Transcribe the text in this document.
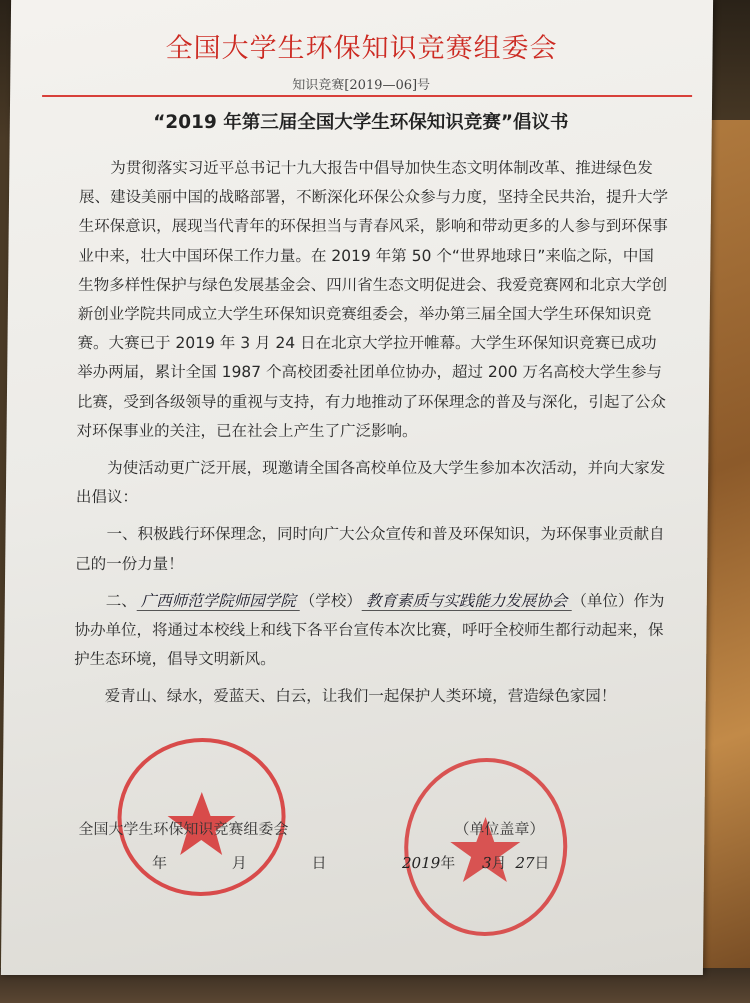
全国大学生环保知识竞赛组委会
知识竞赛[2019—06]号
“2019 年第三届全国大学生环保知识竞赛”倡议书

为贯彻落实习近平总书记十九大报告中倡导加快生态文明体制改革、推进绿色发展、建设美丽中国的战略部署，不断深化环保公众参与力度，坚持全民共治，提升大学生环保意识，展现当代青年的环保担当与青春风采，影响和带动更多的人参与到环保事业中来，壮大中国环保工作力量。在 2019 年第 50 个“世界地球日”来临之际，中国生物多样性保护与绿色发展基金会、四川省生态文明促进会、我爱竞赛网和北京大学创新创业学院共同成立大学生环保知识竞赛组委会，举办第三届全国大学生环保知识竞赛。大赛已于 2019 年 3 月 24 日在北京大学拉开帷幕。大学生环保知识竞赛已成功举办两届，累计全国 1987 个高校团委社团单位协办，超过 200 万名高校大学生参与比赛，受到各级领导的重视与支持，有力地推动了环保理念的普及与深化，引起了公众对环保事业的关注，已在社会上产生了广泛影响。

为使活动更广泛开展，现邀请全国各高校单位及大学生参加本次活动，并向大家发出倡议：

一、积极践行环保理念，同时向广大公众宣传和普及环保知识，为环保事业贡献自己的一份力量！

二、 广西师范学院师园学院 （学校） 教育素质与实践能力发展协会 （单位）作为协办单位，将通过本校线上和线下各平台宣传本次比赛，呼吁全校师生都行动起来，保护生态环境，倡导文明新风。

爱青山、绿水，爱蓝天、白云，让我们一起保护人类环境，营造绿色家园！

全国大学生环保知识竞赛组委会
年 月 日
（单位盖章）
2019年 3月 27日
